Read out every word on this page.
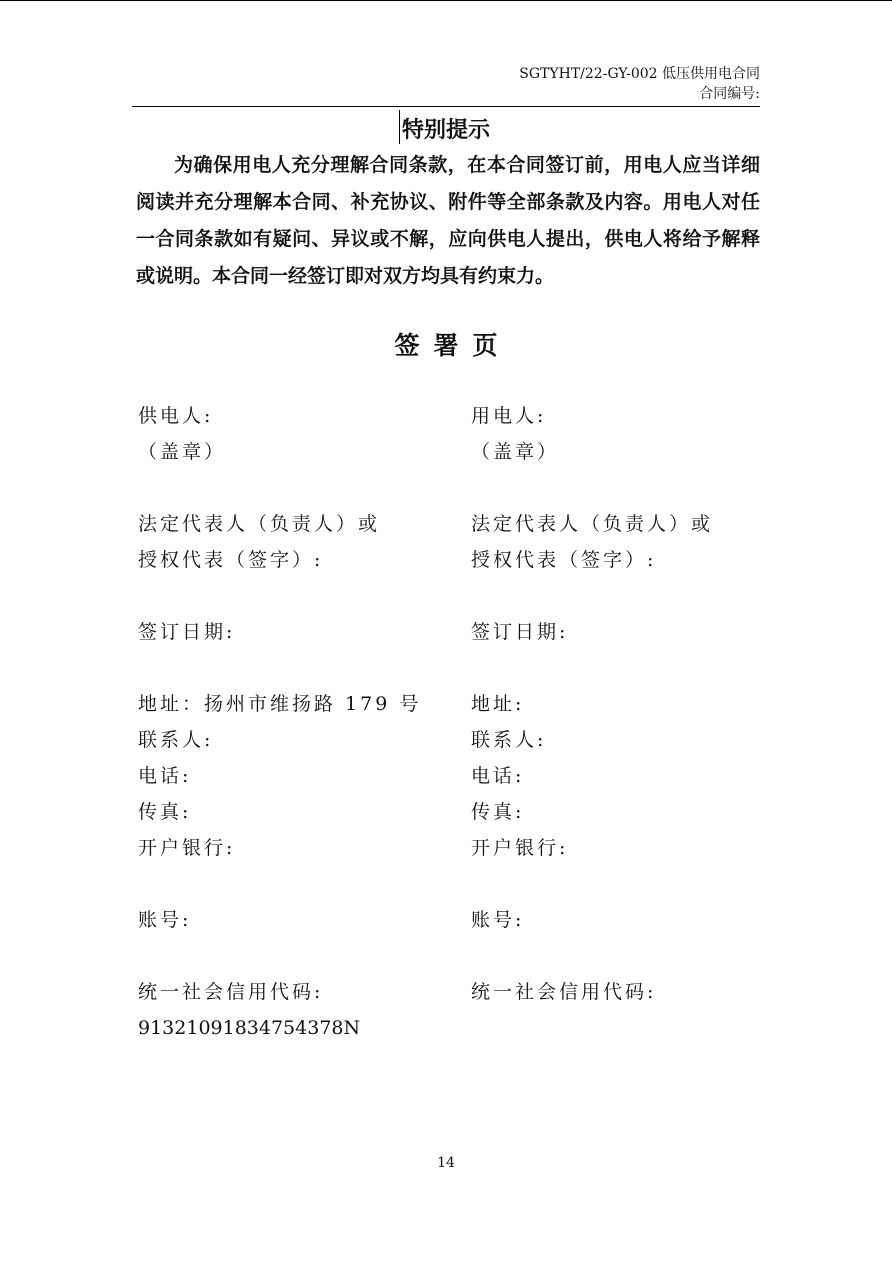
SGTYHT/22-GY-002 低压供用电合同
合同编号:
特别提示
为确保用电人充分理解合同条款，在本合同签订前，用电人应当详细阅读并充分理解本合同、补充协议、附件等全部条款及内容。用电人对任一合同条款如有疑问、异议或不解，应向供电人提出，供电人将给予解释或说明。本合同一经签订即对双方均具有约束力。
签署页
供电人:
（盖章）
法定代表人（负责人）或
授权代表（签字）:
签订日期:
地址：扬州市维扬路 179 号
联系人:
电话:
传真:
开户银行:
账号:
统一社会信用代码:
91321091834754378N
用电人:
（盖章）
法定代表人（负责人）或
授权代表（签字）:
签订日期:
地址:
联系人:
电话:
传真:
开户银行:
账号:
统一社会信用代码:
14
